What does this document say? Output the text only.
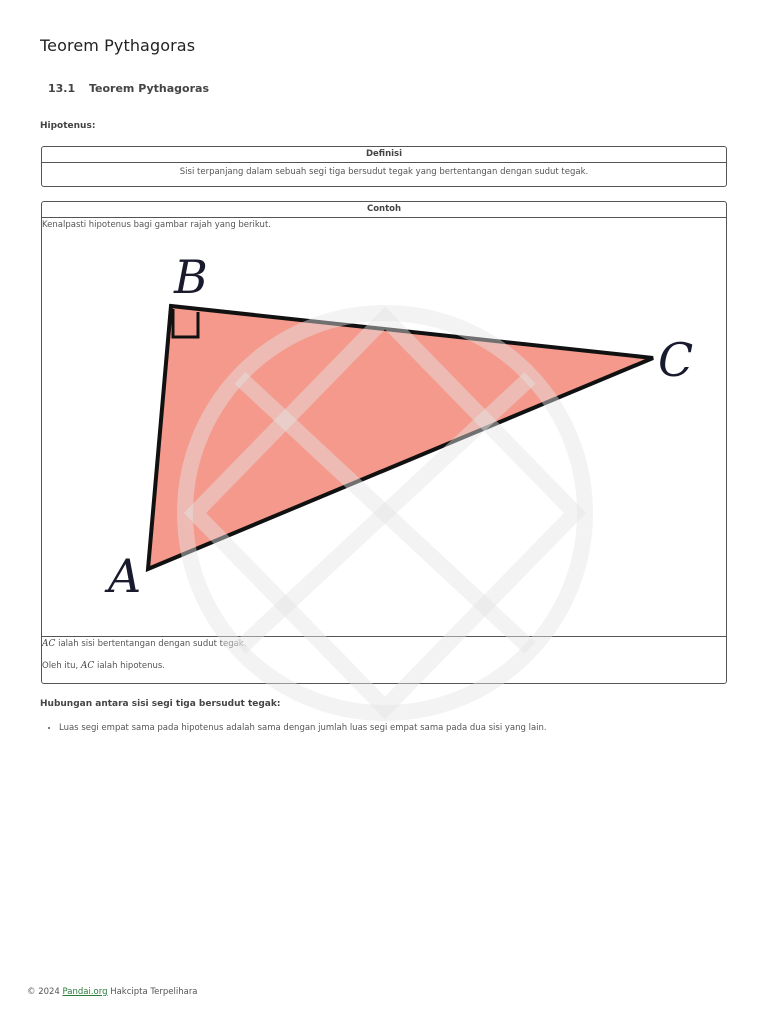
Teorem Pythagoras
13.1 Teorem Pythagoras

Hipotenus:

Definisi
Sisi terpanjang dalam sebuah segi tiga bersudut tegak yang bertentangan dengan sudut tegak.
Contoh
Kenalpasti hipotenus bagi gambar rajah yang berikut.
A
B
C
AC ialah sisi bertentangan dengan sudut tegak.
Oleh itu, AC ialah hipotenus.

Hubungan antara sisi segi tiga bersudut tegak:

• Luas segi empat sama pada hipotenus adalah sama dengan jumlah luas segi empat sama pada dua sisi yang lain.
© 2024 Pandai.org Hakcipta Terpelihara
